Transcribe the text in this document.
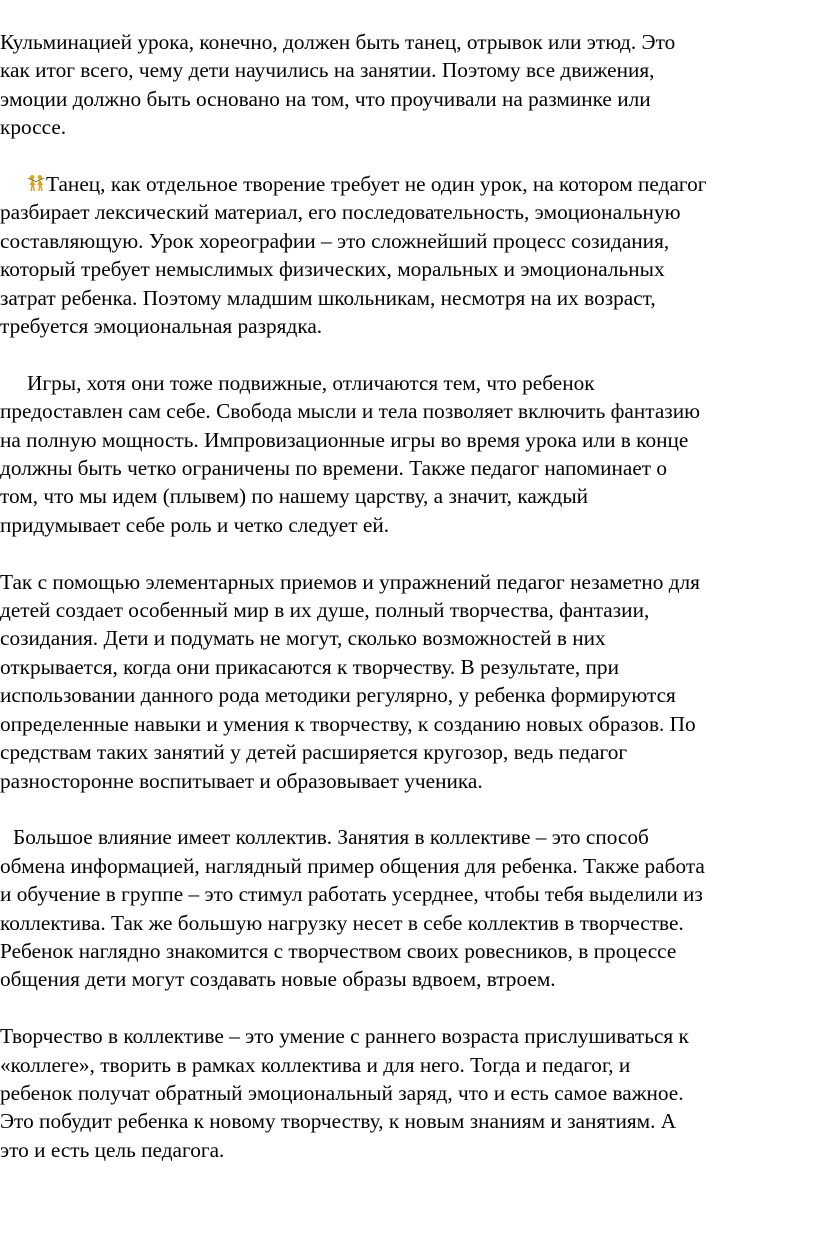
Кульминацией урока, конечно, должен быть танец, отрывок или этюд. Это
как итог всего, чему дети научились на занятии. Поэтому все движения,
эмоции должно быть основано на том, что проучивали на разминке или
кроссе.

Танец, как отдельное творение требует не один урок, на котором педагог
разбирает лексический материал, его последовательность, эмоциональную
составляющую. Урок хореографии – это сложнейший процесс созидания,
который требует немыслимых физических, моральных и эмоциональных
затрат ребенка. Поэтому младшим школьникам, несмотря на их возраст,
требуется эмоциональная разрядка.

Игры, хотя они тоже подвижные, отличаются тем, что ребенок
предоставлен сам себе. Свобода мысли и тела позволяет включить фантазию
на полную мощность. Импровизационные игры во время урока или в конце
должны быть четко ограничены по времени. Также педагог напоминает о
том, что мы идем (плывем) по нашему царству, а значит, каждый
придумывает себе роль и четко следует ей.

Так с помощью элементарных приемов и упражнений педагог незаметно для
детей создает особенный мир в их душе, полный творчества, фантазии,
созидания. Дети и подумать не могут, сколько возможностей в них
открывается, когда они прикасаются к творчеству. В результате, при
использовании данного рода методики регулярно, у ребенка формируются
определенные навыки и умения к творчеству, к созданию новых образов. По
средствам таких занятий у детей расширяется кругозор, ведь педагог
разносторонне воспитывает и образовывает ученика.

Большое влияние имеет коллектив. Занятия в коллективе – это способ
обмена информацией, наглядный пример общения для ребенка. Также работа
и обучение в группе – это стимул работать усерднее, чтобы тебя выделили из
коллектива. Так же большую нагрузку несет в себе коллектив в творчестве.
Ребенок наглядно знакомится с творчеством своих ровесников, в процессе
общения дети могут создавать новые образы вдвоем, втроем.

Творчество в коллективе – это умение с раннего возраста прислушиваться к
«коллеге», творить в рамках коллектива и для него. Тогда и педагог, и
ребенок получат обратный эмоциональный заряд, что и есть самое важное.
Это побудит ребенка к новому творчеству, к новым знаниям и занятиям. А
это и есть цель педагога.
